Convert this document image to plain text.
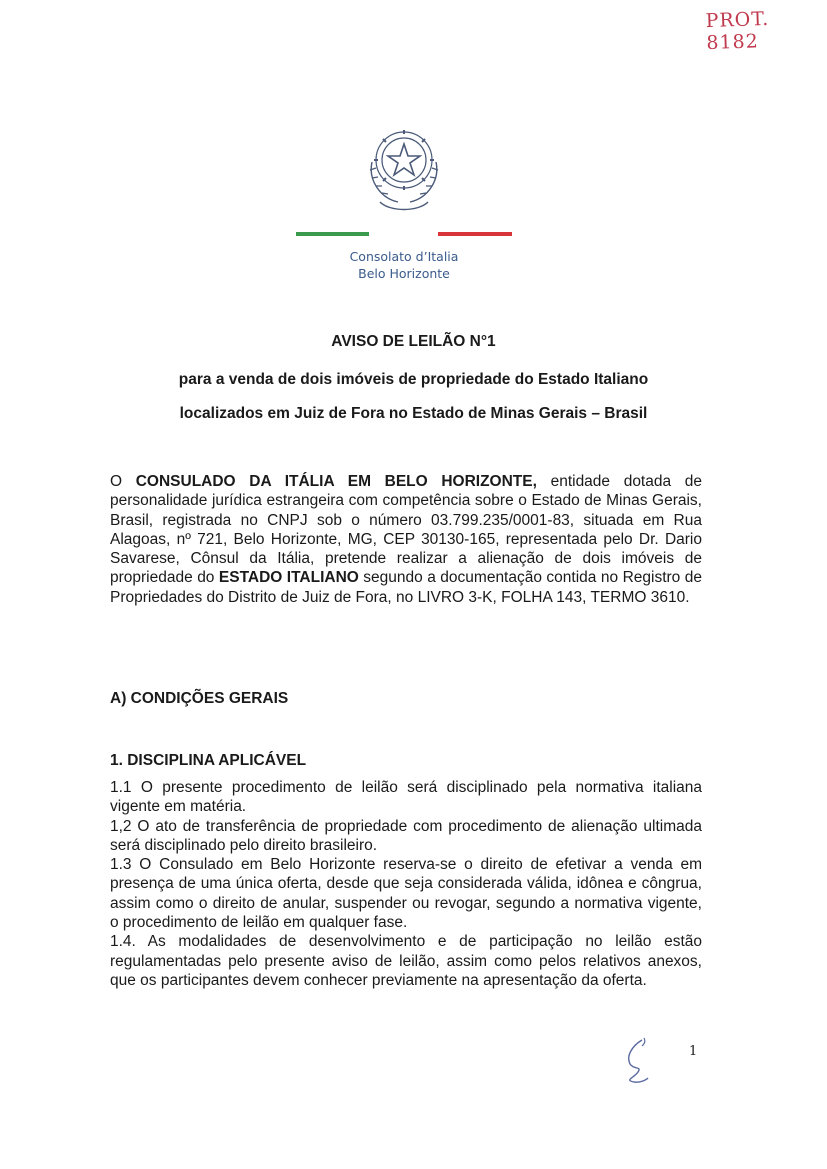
PROT. 8182
Consolato d’Italia
Belo Horizonte
AVISO DE LEILÃO N°1
para a venda de dois imóveis de propriedade do Estado Italiano
localizados em Juiz de Fora no Estado de Minas Gerais – Brasil
O CONSULADO DA ITÁLIA EM BELO HORIZONTE, entidade dotada de personalidade jurídica estrangeira com competência sobre o Estado de Minas Gerais, Brasil, registrada no CNPJ sob o número 03.799.235/0001-83, situada em Rua Alagoas, nº 721, Belo Horizonte, MG, CEP 30130-165, representada pelo Dr. Dario Savarese, Cônsul da Itália, pretende realizar a alienação de dois imóveis de propriedade do ESTADO ITALIANO segundo a documentação contida no Registro de Propriedades do Distrito de Juiz de Fora, no LIVRO 3-K, FOLHA 143, TERMO 3610.
A) CONDIÇÕES GERAIS
1. DISCIPLINA APLICÁVEL

1.1 O presente procedimento de leilão será disciplinado pela normativa italiana vigente em matéria.

1,2 O ato de transferência de propriedade com procedimento de alienação ultimada será disciplinado pelo direito brasileiro.

1.3 O Consulado em Belo Horizonte reserva-se o direito de efetivar a venda em presença de uma única oferta, desde que seja considerada válida, idônea e côngrua, assim como o direito de anular, suspender ou revogar, segundo a normativa vigente, o procedimento de leilão em qualquer fase.

1.4. As modalidades de desenvolvimento e de participação no leilão estão regulamentadas pelo presente aviso de leilão, assim como pelos relativos anexos, que os participantes devem conhecer previamente na apresentação da oferta.

1
